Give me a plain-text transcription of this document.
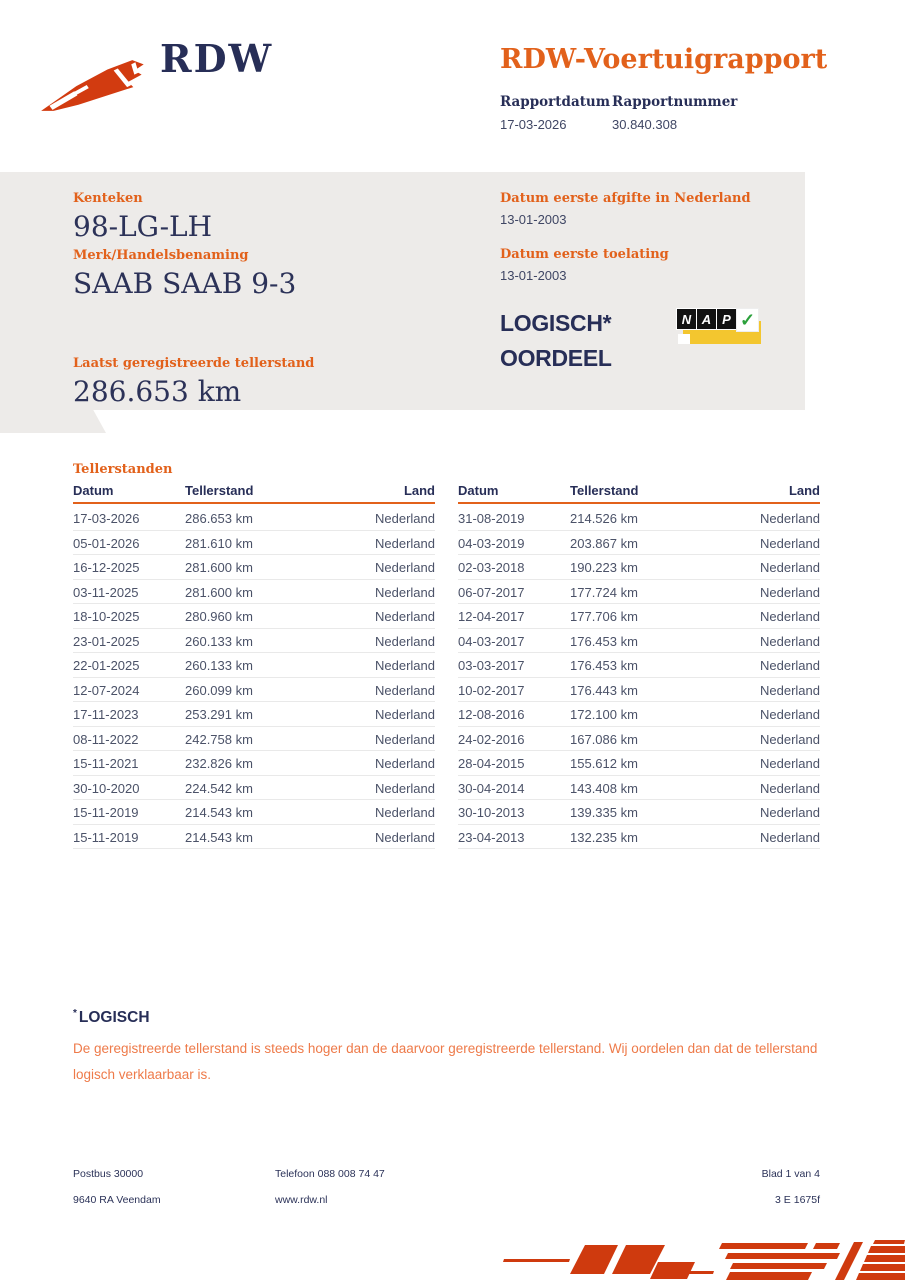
RDW	RDW-Voertuigrapport
Rapportdatum
17-03-2026
Rapportnummer
30.840.308
Kenteken
98-LG-LH
Merk/Handelsbenaming
SAAB SAAB 9-3
Datum eerste afgifte in Nederland
13-01-2003
Datum eerste toelating
13-01-2003
LOGISCH*
OORDEEL
N A P ✓
Laatst geregistreerde tellerstand
286.653 km
Tellerstanden
Datum	Tellerstand	Land
17-03-2026	286.653 km	Nederland
05-01-2026	281.610 km	Nederland
16-12-2025	281.600 km	Nederland
03-11-2025	281.600 km	Nederland
18-10-2025	280.960 km	Nederland
23-01-2025	260.133 km	Nederland
22-01-2025	260.133 km	Nederland
12-07-2024	260.099 km	Nederland
17-11-2023	253.291 km	Nederland
08-11-2022	242.758 km	Nederland
15-11-2021	232.826 km	Nederland
30-10-2020	224.542 km	Nederland
15-11-2019	214.543 km	Nederland
15-11-2019	214.543 km	Nederland
Datum	Tellerstand	Land
31-08-2019	214.526 km	Nederland
04-03-2019	203.867 km	Nederland
02-03-2018	190.223 km	Nederland
06-07-2017	177.724 km	Nederland
12-04-2017	177.706 km	Nederland
04-03-2017	176.453 km	Nederland
03-03-2017	176.453 km	Nederland
10-02-2017	176.443 km	Nederland
12-08-2016	172.100 km	Nederland
24-02-2016	167.086 km	Nederland
28-04-2015	155.612 km	Nederland
30-04-2014	143.408 km	Nederland
30-10-2013	139.335 km	Nederland
23-04-2013	132.235 km	Nederland
* LOGISCH
De geregistreerde tellerstand is steeds hoger dan de daarvoor geregistreerde tellerstand. Wij oordelen dan dat de tellerstand logisch verklaarbaar is.
Postbus 30000
9640 RA Veendam
Telefoon 088 008 74 47
www.rdw.nl
Blad 1 van 4
3 E 1675f
